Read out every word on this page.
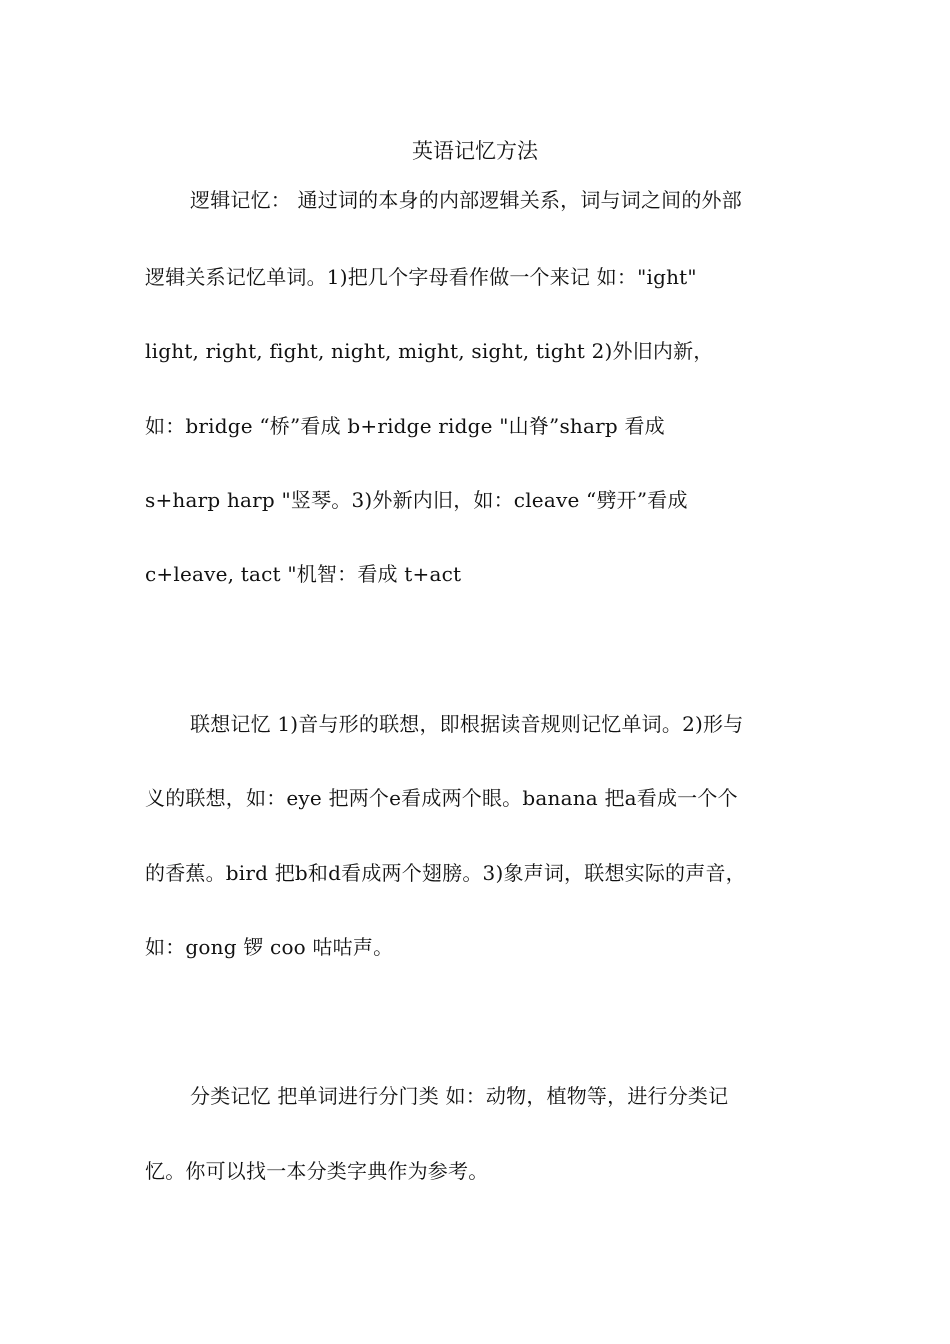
英语记忆方法
逻辑记忆： 通过词的本身的内部逻辑关系，词与词之间的外部
逻辑关系记忆单词。1)把几个字母看作做一个来记 如："ight"
light, right, fight, night, might, sight, tight 2)外旧内新，
如：bridge “桥”看成 b+ridge ridge "山脊”sharp 看成
s+harp harp "竖琴。3)外新内旧，如：cleave “劈开”看成
c+leave, tact "机智：看成 t+act
联想记忆 1)音与形的联想，即根据读音规则记忆单词。2)形与
义的联想，如：eye 把两个e看成两个眼。banana 把a看成一个个
的香蕉。bird 把b和d看成两个翅膀。3)象声词，联想实际的声音，
如：gong 锣 coo 咕咕声。
分类记忆 把单词进行分门类 如：动物，植物等，进行分类记
忆。你可以找一本分类字典作为参考。
